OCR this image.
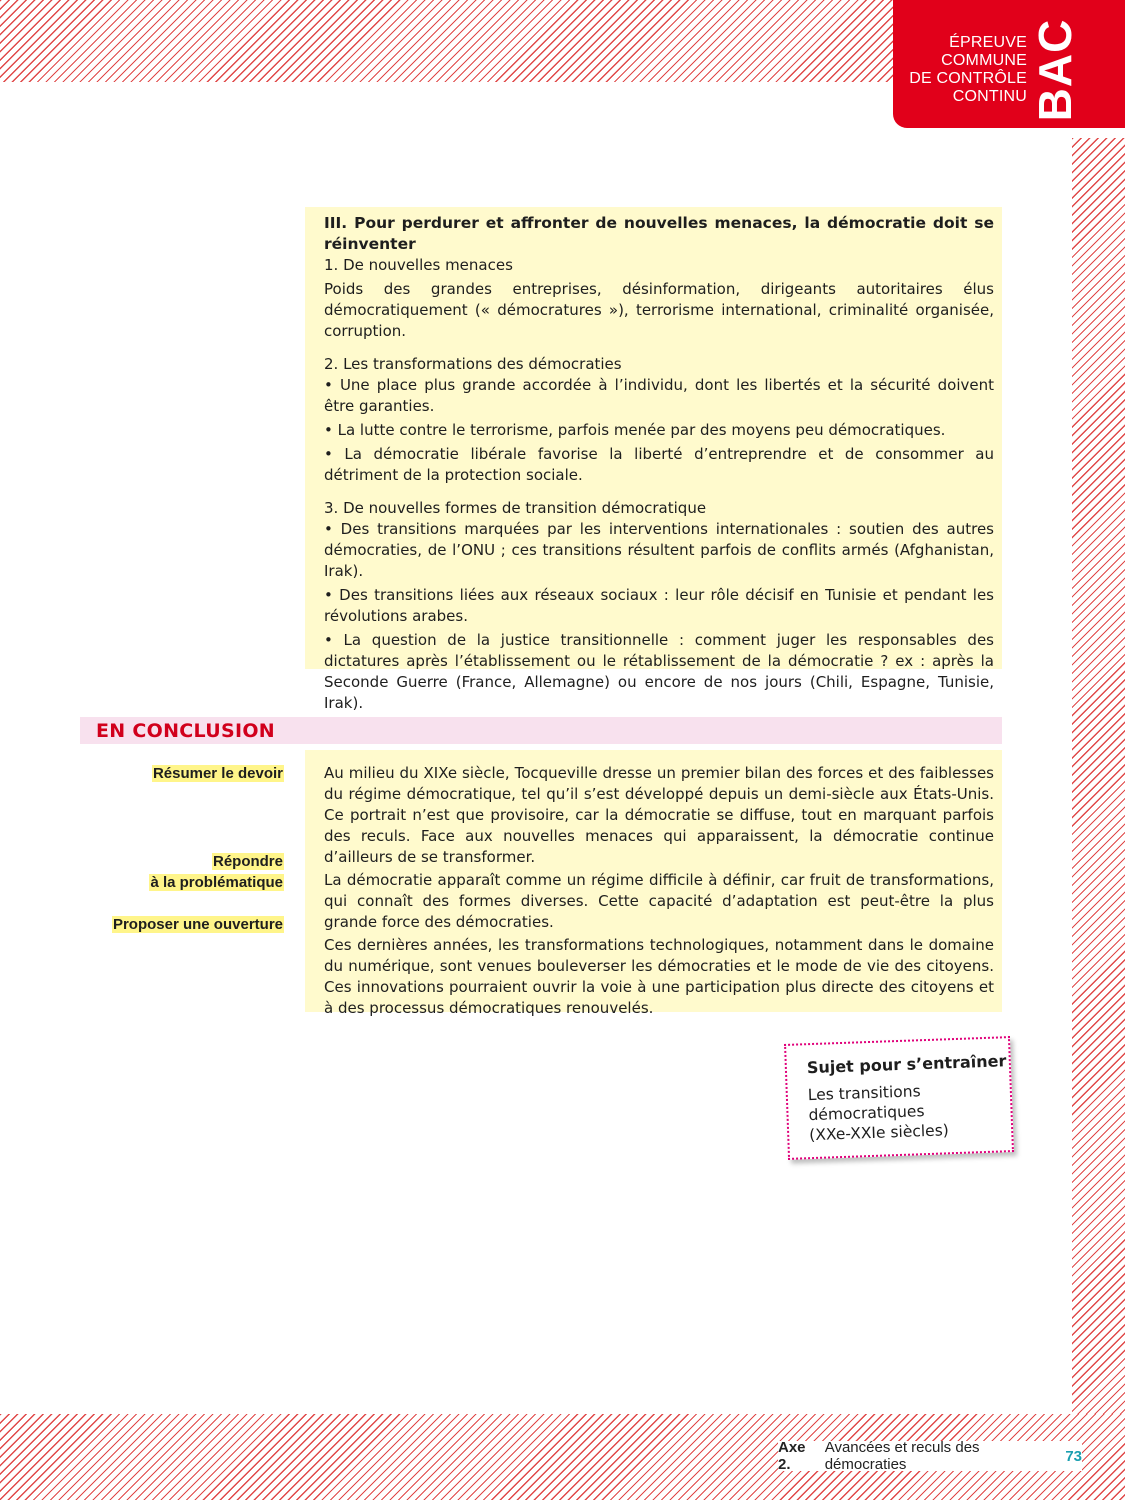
ÉPREUVE
COMMUNE
DE CONTRÔLE
CONTINU BAC

III. Pour perdurer et affronter de nouvelles menaces, la démocratie doit se réinventer

1. De nouvelles menaces

Poids des grandes entreprises, désinformation, dirigeants autoritaires élus démocratiquement (« démocratures »), terrorisme international, criminalité organisée, corruption.

2. Les transformations des démocraties

• Une place plus grande accordée à l’individu, dont les libertés et la sécurité doivent être garanties.

• La lutte contre le terrorisme, parfois menée par des moyens peu démocratiques.

• La démocratie libérale favorise la liberté d’entreprendre et de consommer au détriment de la protection sociale.

3. De nouvelles formes de transition démocratique

• Des transitions marquées par les interventions internationales : soutien des autres démocraties, de l’ONU ; ces transitions résultent parfois de conflits armés (Afghanistan, Irak).

• Des transitions liées aux réseaux sociaux : leur rôle décisif en Tunisie et pendant les révolutions arabes.

• La question de la justice transitionnelle : comment juger les responsables des dictatures après l’établissement ou le rétablissement de la démocratie ? ex : après la Seconde Guerre (France, Allemagne) ou encore de nos jours (Chili, Espagne, Tunisie, Irak).

EN CONCLUSION
Résumer le devoir
Répondre
à la problématique
Proposer une ouverture

Au milieu du XIXe siècle, Tocqueville dresse un premier bilan des forces et des faiblesses du régime démocratique, tel qu’il s’est développé depuis un demi-siècle aux États-Unis. Ce portrait n’est que provisoire, car la démocratie se diffuse, tout en marquant parfois des reculs. Face aux nouvelles menaces qui apparaissent, la démocratie continue d’ailleurs de se transformer.

La démocratie apparaît comme un régime difficile à définir, car fruit de transformations, qui connaît des formes diverses. Cette capacité d’adaptation est peut-être la plus grande force des démocraties.

Ces dernières années, les transformations technologiques, notamment dans le domaine du numérique, sont venues bouleverser les démocraties et le mode de vie des citoyens. Ces innovations pourraient ouvrir la voie à une participation plus directe des citoyens et à des processus démocratiques renouvelés.

Sujet pour s’entraîner

Les transitions
démocratiques
(XXe-XXIe siècles)

Axe 2.
Avancées et reculs des démocraties	73
